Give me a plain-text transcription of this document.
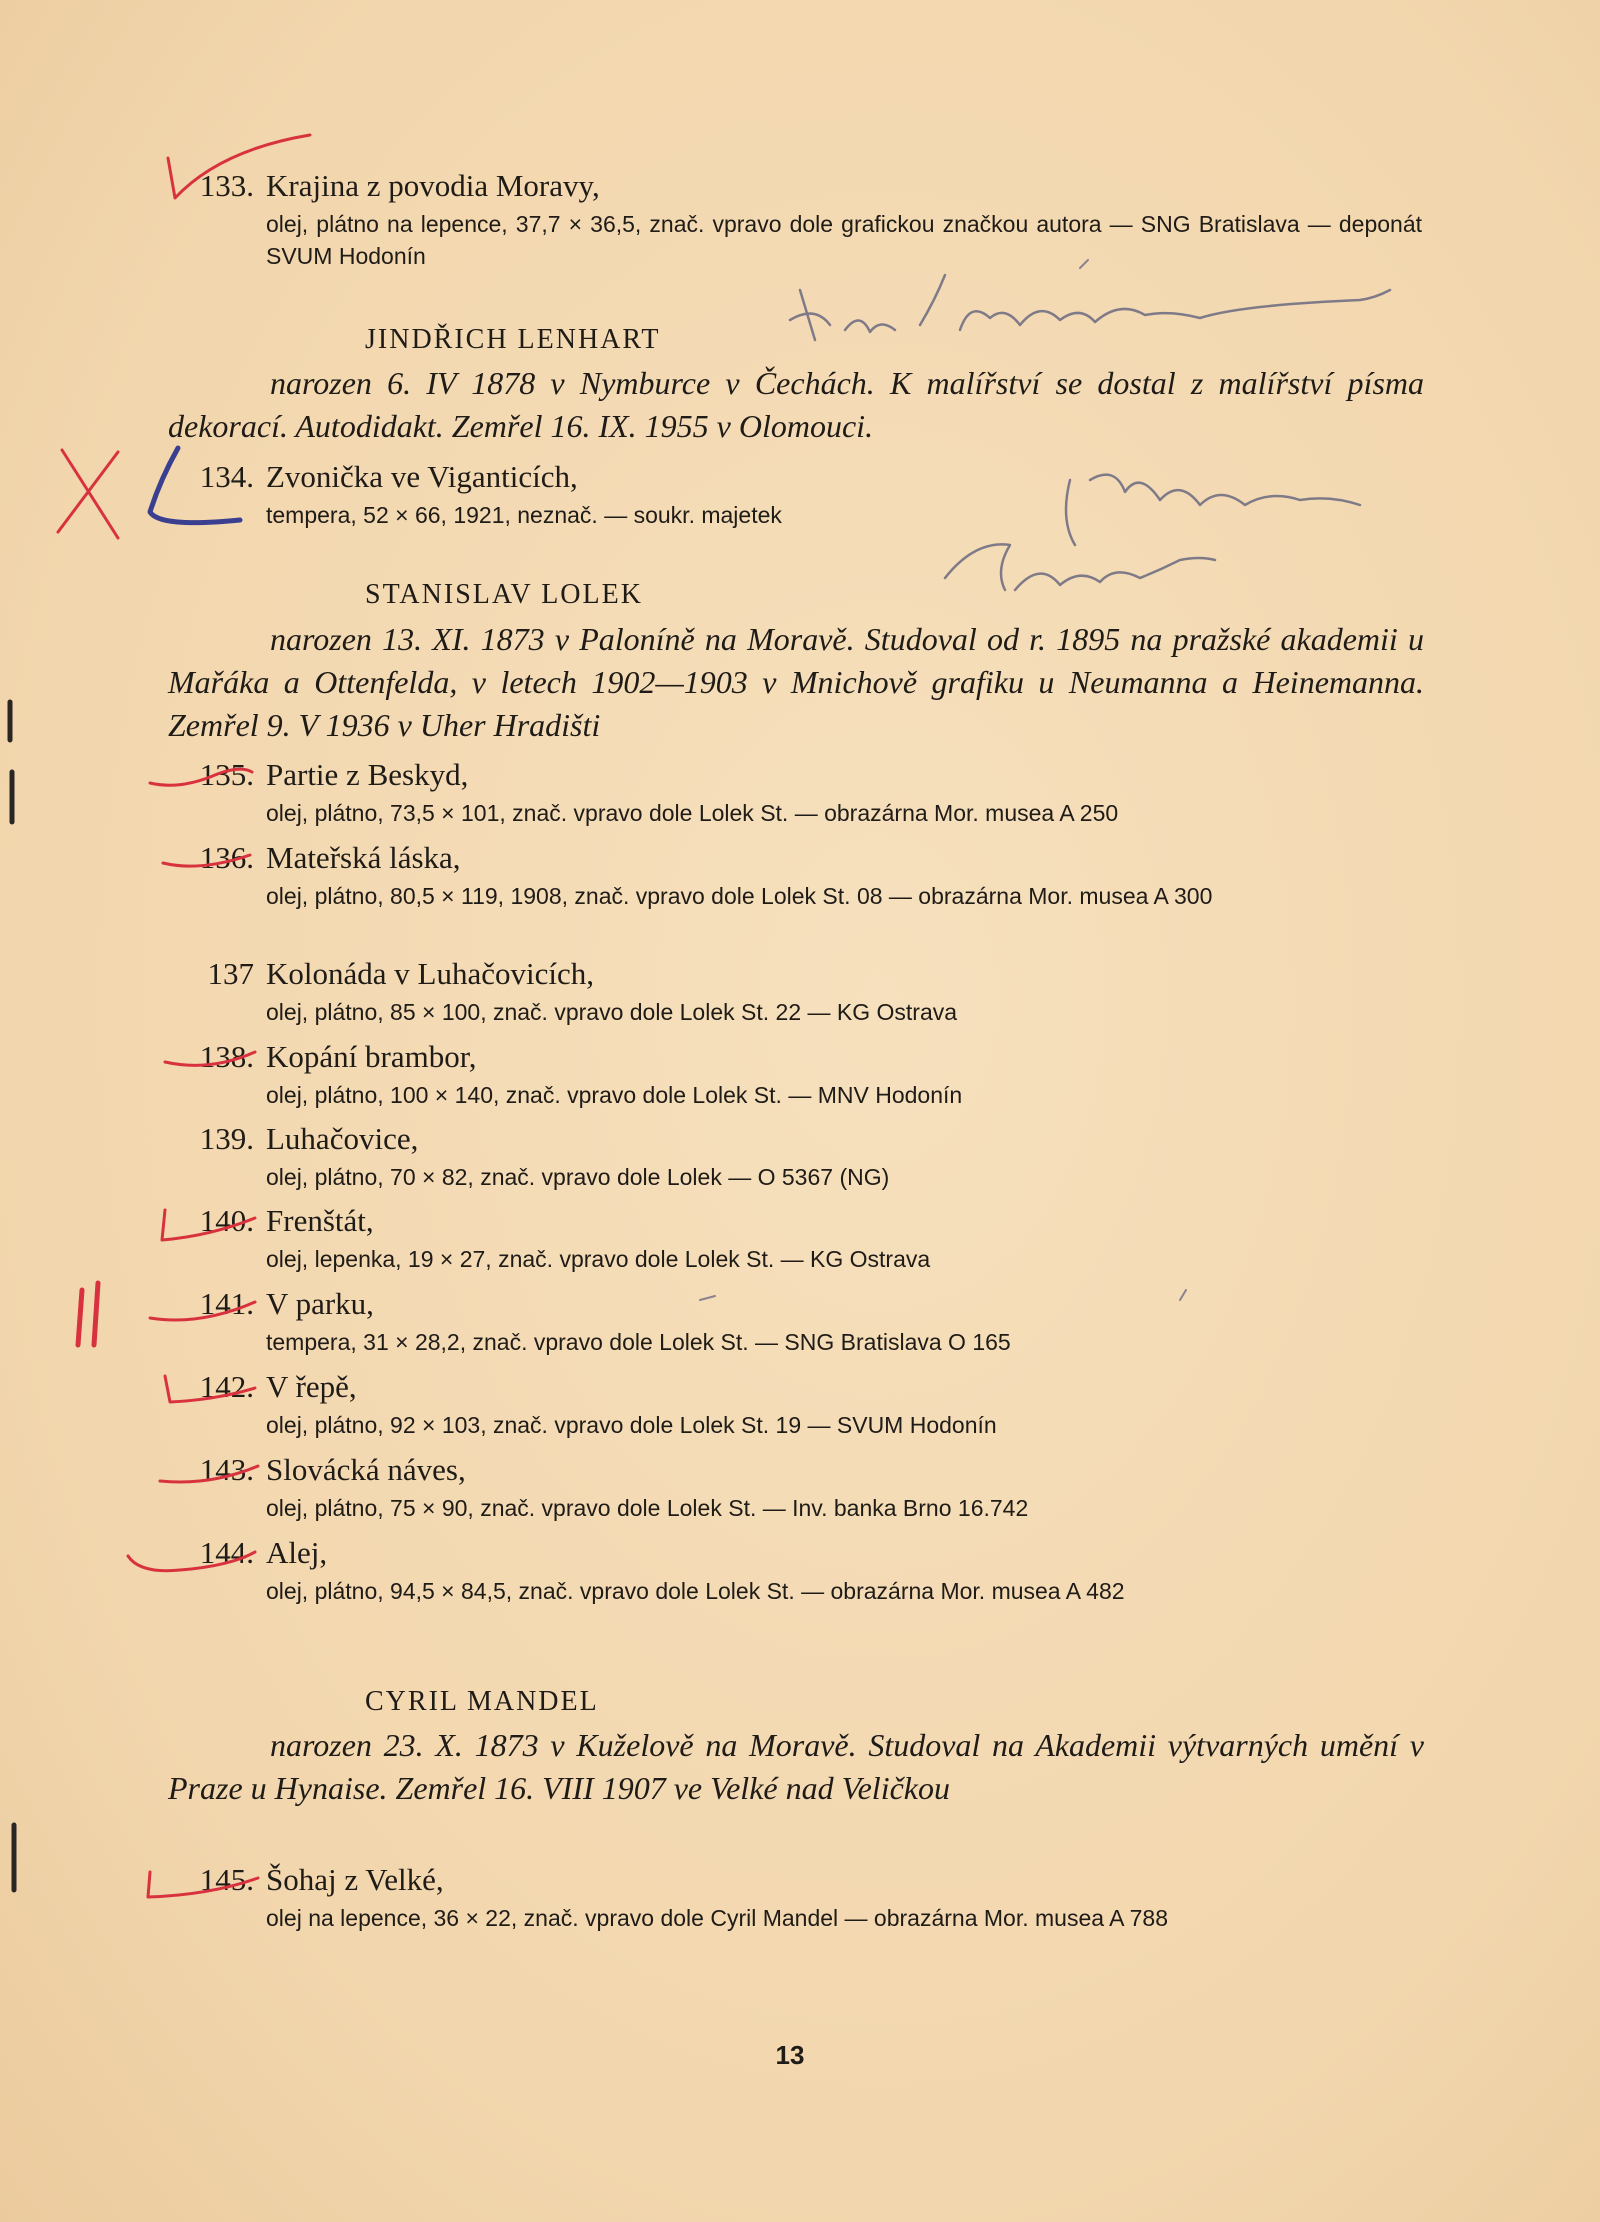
133. Krajina z povodia Moravy,
olej, plátno na lepence, 37,7 × 36,5, znač. vpravo dole grafickou značkou autora — SNG Bratislava — deponát SVUM Hodonín
JINDŘICH LENHART
narozen 6. IV 1878 v Nymburce v Čechách. K malířství se dostal z malířství písma dekorací. Autodidakt. Zemřel 16. IX. 1955 v Olomouci.
134. Zvonička ve Viganticích,
tempera, 52 × 66, 1921, neznač. — soukr. majetek
STANISLAV LOLEK
narozen 13. XI. 1873 v Paloníně na Moravě. Studoval od r. 1895 na pražské akademii u Mařáka a Ottenfelda, v letech 1902—1903 v Mnichově grafiku u Neumanna a Heinemanna. Zemřel 9. V 1936 v Uher Hradišti
135. Partie z Beskyd,
olej, plátno, 73,5 × 101, znač. vpravo dole Lolek St. — obrazárna Mor. musea A 250
136. Mateřská láska,
olej, plátno, 80,5 × 119, 1908, znač. vpravo dole Lolek St. 08 — obrazárna Mor. musea A 300
137 Kolonáda v Luhačovicích,
olej, plátno, 85 × 100, znač. vpravo dole Lolek St. 22 — KG Ostrava
138. Kopání brambor,
olej, plátno, 100 × 140, znač. vpravo dole Lolek St. — MNV Hodonín
139. Luhačovice,
olej, plátno, 70 × 82, znač. vpravo dole Lolek — O 5367 (NG)
140. Frenštát,
olej, lepenka, 19 × 27, znač. vpravo dole Lolek St. — KG Ostrava
141. V parku,
tempera, 31 × 28,2, znač. vpravo dole Lolek St. — SNG Bratislava O 165
142. V řepě,
olej, plátno, 92 × 103, znač. vpravo dole Lolek St. 19 — SVUM Hodonín
143. Slovácká náves,
olej, plátno, 75 × 90, znač. vpravo dole Lolek St. — Inv. banka Brno 16.742
144. Alej,
olej, plátno, 94,5 × 84,5, znač. vpravo dole Lolek St. — obrazárna Mor. musea A 482
CYRIL MANDEL
narozen 23. X. 1873 v Kuželově na Moravě. Studoval na Akademii výtvarných umění v Praze u Hynaise. Zemřel 16. VIII 1907 ve Velké nad Veličkou
145. Šohaj z Velké,
olej na lepence, 36 × 22, znač. vpravo dole Cyril Mandel — obrazárna Mor. musea A 788
13
